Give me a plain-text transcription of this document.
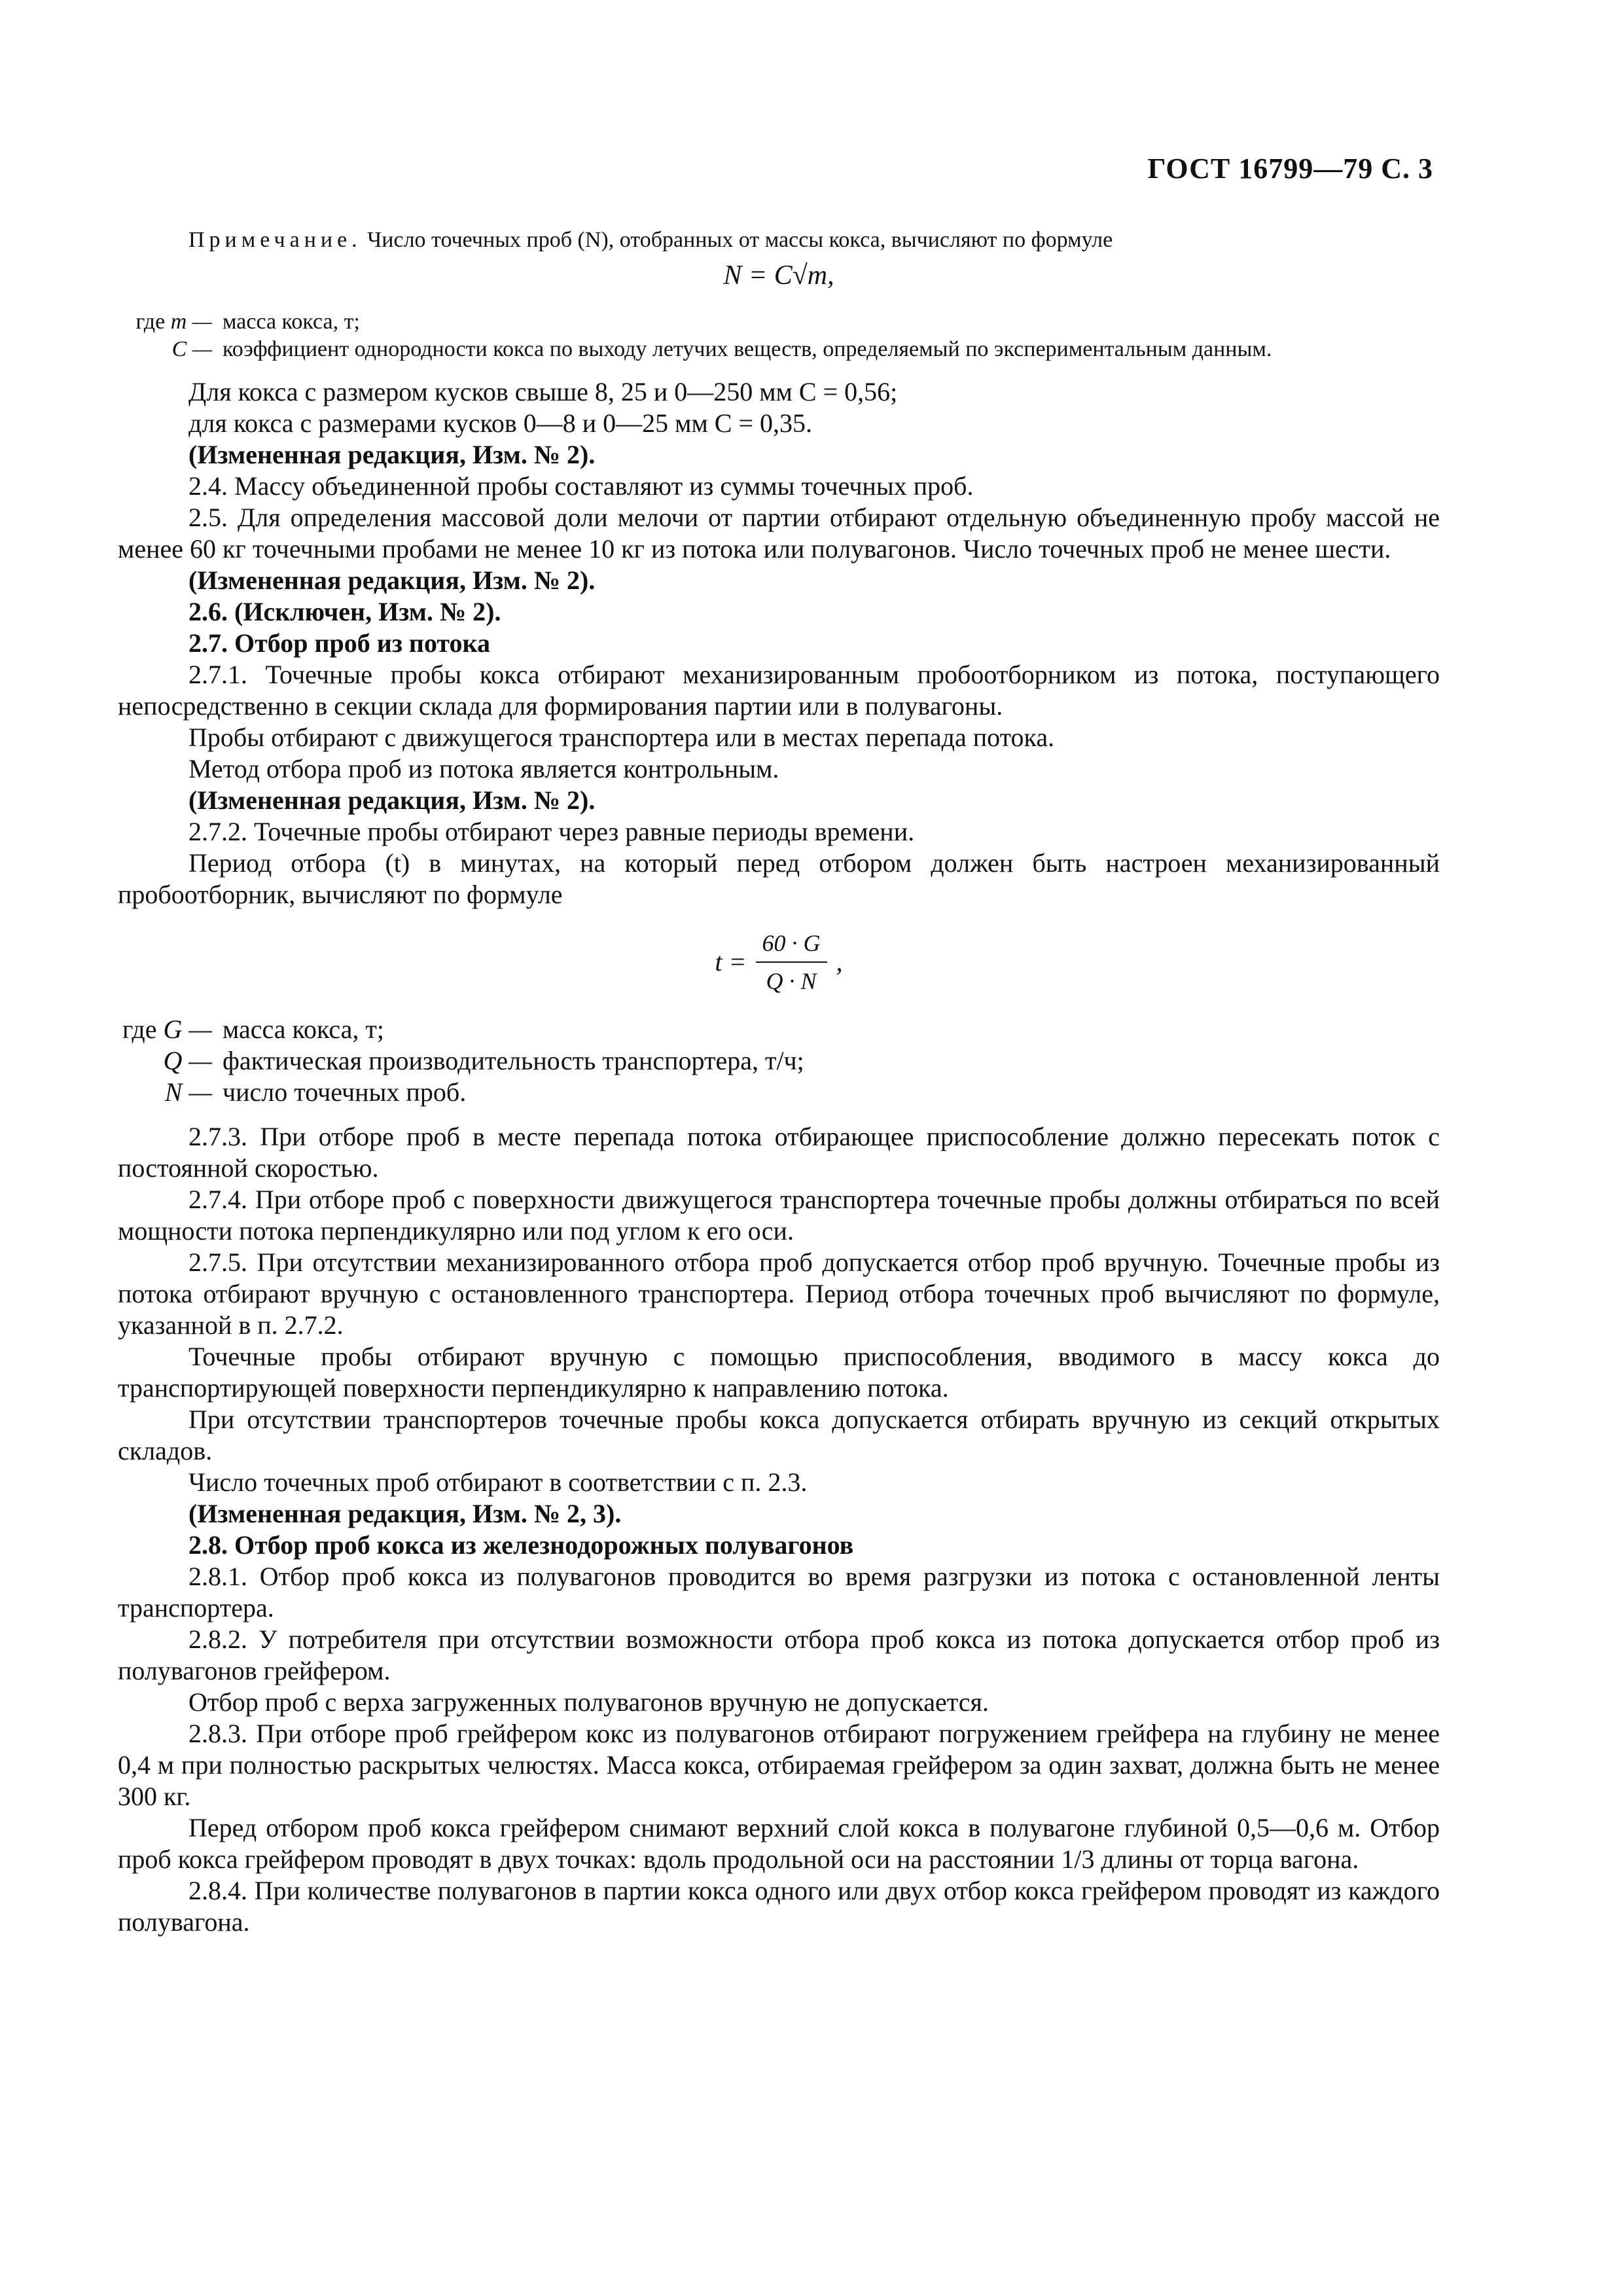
ГОСТ 16799—79 С. 3

Примечание. Число точечных проб (N), отобранных от массы кокса, вычисляют по формуле

N = C√m,
где m — масса кокса, т;
C — коэффициент однородности кокса по выходу летучих веществ, определяемый по экспериментальным данным.

Для кокса с размером кусков свыше 8, 25 и 0—250 мм C = 0,56;

для кокса с размерами кусков 0—8 и 0—25 мм C = 0,35.

(Измененная редакция, Изм. № 2).

2.4. Массу объединенной пробы составляют из суммы точечных проб.

2.5. Для определения массовой доли мелочи от партии отбирают отдельную объединенную пробу массой не менее 60 кг точечными пробами не менее 10 кг из потока или полувагонов. Число точечных проб не менее шести.

(Измененная редакция, Изм. № 2).

2.6. (Исключен, Изм. № 2).

2.7. Отбор проб из потока

2.7.1. Точечные пробы кокса отбирают механизированным пробоотборником из потока, поступающего непосредственно в секции склада для формирования партии или в полувагоны.

Пробы отбирают с движущегося транспортера или в местах перепада потока.

Метод отбора проб из потока является контрольным.

(Измененная редакция, Изм. № 2).

2.7.2. Точечные пробы отбирают через равные периоды времени.

Период отбора (t) в минутах, на который перед отбором должен быть настроен механизированный пробоотборник, вычисляют по формуле

$t = \frac{60 \cdot G}{Q \cdot N}$ ,
где G — масса кокса, т;
Q — фактическая производительность транспортера, т/ч;
N — число точечных проб.

2.7.3. При отборе проб в месте перепада потока отбирающее приспособление должно пересекать поток с постоянной скоростью.

2.7.4. При отборе проб с поверхности движущегося транспортера точечные пробы должны отбираться по всей мощности потока перпендикулярно или под углом к его оси.

2.7.5. При отсутствии механизированного отбора проб допускается отбор проб вручную. Точечные пробы из потока отбирают вручную с остановленного транспортера. Период отбора точечных проб вычисляют по формуле, указанной в п. 2.7.2.

Точечные пробы отбирают вручную с помощью приспособления, вводимого в массу кокса до транспортирующей поверхности перпендикулярно к направлению потока.

При отсутствии транспортеров точечные пробы кокса допускается отбирать вручную из секций открытых складов.

Число точечных проб отбирают в соответствии с п. 2.3.

(Измененная редакция, Изм. № 2, 3).

2.8. Отбор проб кокса из железнодорожных полувагонов

2.8.1. Отбор проб кокса из полувагонов проводится во время разгрузки из потока с остановленной ленты транспортера.

2.8.2. У потребителя при отсутствии возможности отбора проб кокса из потока допускается отбор проб из полувагонов грейфером.

Отбор проб с верха загруженных полувагонов вручную не допускается.

2.8.3. При отборе проб грейфером кокс из полувагонов отбирают погружением грейфера на глубину не менее 0,4 м при полностью раскрытых челюстях. Масса кокса, отбираемая грейфером за один захват, должна быть не менее 300 кг.

Перед отбором проб кокса грейфером снимают верхний слой кокса в полувагоне глубиной 0,5—0,6 м. Отбор проб кокса грейфером проводят в двух точках: вдоль продольной оси на расстоянии 1/3 длины от торца вагона.

2.8.4. При количестве полувагонов в партии кокса одного или двух отбор кокса грейфером проводят из каждого полувагона.
